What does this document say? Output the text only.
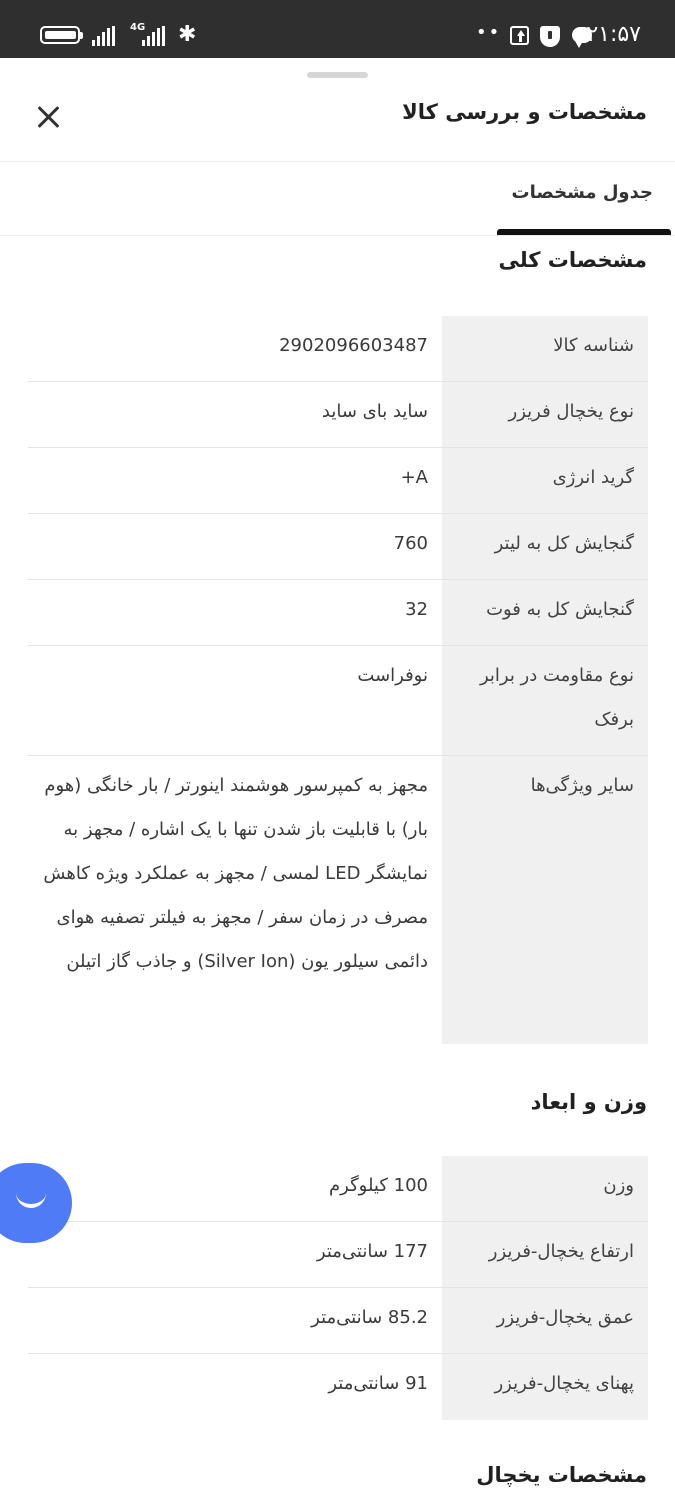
4G ✱	••	۲۱:۵۷
مشخصات و بررسی کالا
جدول مشخصات
مشخصات کلی
شناسه کالا
2902096603487
نوع یخچال فریزر
ساید بای ساید
گرید انرژی
+A
گنجایش کل به لیتر
760
گنجایش کل به فوت
32
نوع مقاومت در برابر برفک
نوفراست
سایر ویژگی‌ها
مجهز به کمپرسور هوشمند اینورتر / بار خانگی (هوم بار) با قابلیت باز شدن تنها با یک اشاره / مجهز به نمایشگر LED لمسی / مجهز به عملکرد ویژه کاهش مصرف در زمان سفر / مجهز به فیلتر تصفیه هوای دائمی سیلور یون (Silver Ion) و جاذب گاز اتیلن
وزن و ابعاد
وزن
100 کیلوگرم
ارتفاع یخچال-فریزر
177 سانتی‌متر
عمق یخچال-فریزر
85.2 سانتی‌متر
پهنای یخچال-فریزر
91 سانتی‌متر
مشخصات یخچال
